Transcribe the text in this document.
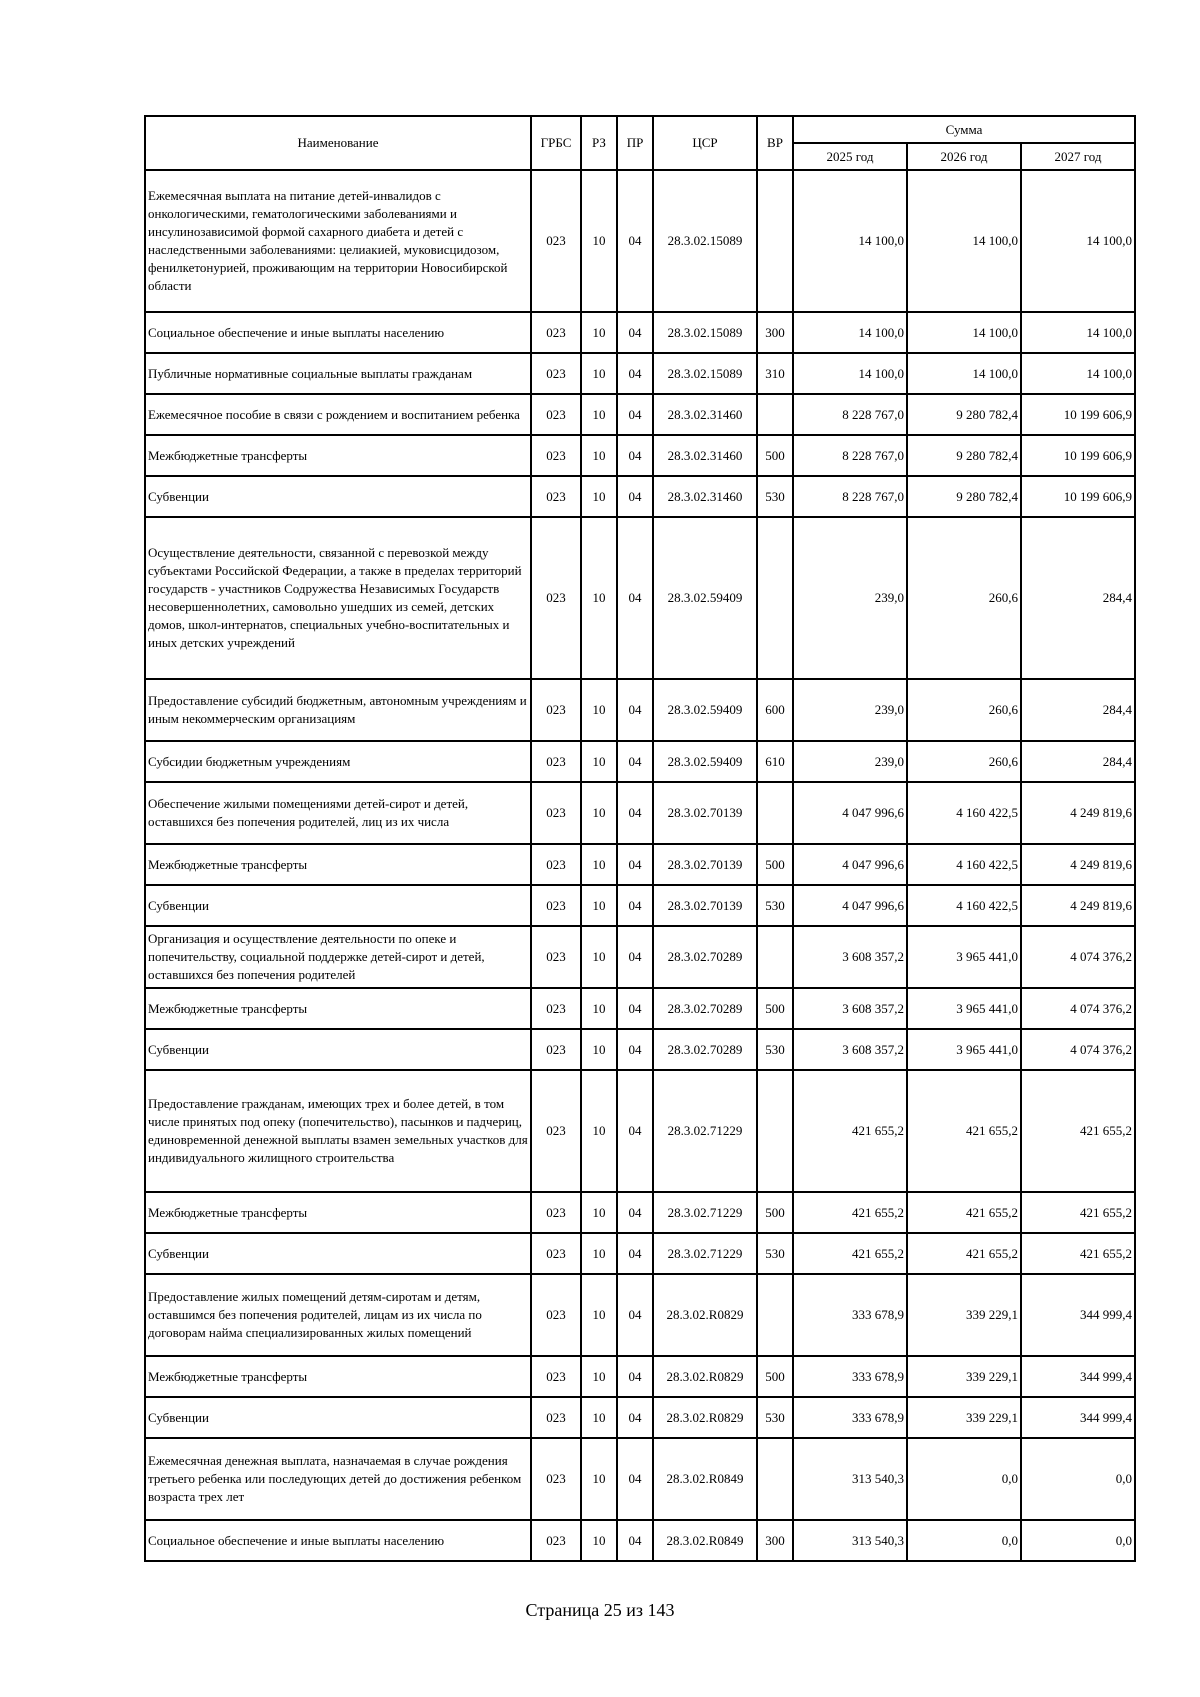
Наименование	ГРБС	РЗ	ПР	ЦСР	ВР	Сумма		
						2025 год	2026 год	2027 год
Ежемесячная выплата на питание детей-инвалидов с онкологическими, гематологическими заболеваниями и инсулинозависимой формой сахарного диабета и детей с наследственными заболеваниями: целиакией, муковисцидозом, фенилкетонурией, проживающим на территории Новосибирской области	023	10	04	28.3.02.15089		14 100,0	14 100,0	14 100,0
Социальное обеспечение и иные выплаты населению	023	10	04	28.3.02.15089	300	14 100,0	14 100,0	14 100,0
Публичные нормативные социальные выплаты гражданам	023	10	04	28.3.02.15089	310	14 100,0	14 100,0	14 100,0
Ежемесячное пособие в связи с рождением и воспитанием ребенка	023	10	04	28.3.02.31460		8 228 767,0	9 280 782,4	10 199 606,9
Межбюджетные трансферты	023	10	04	28.3.02.31460	500	8 228 767,0	9 280 782,4	10 199 606,9
Субвенции	023	10	04	28.3.02.31460	530	8 228 767,0	9 280 782,4	10 199 606,9
Осуществление деятельности, связанной с перевозкой между субъектами Российской Федерации, а также в пределах территорий государств - участников Содружества Независимых Государств несовершеннолетних, самовольно ушедших из семей, детских домов, школ-интернатов, специальных учебно-воспитательных и иных детских учреждений	023	10	04	28.3.02.59409		239,0	260,6	284,4
Предоставление субсидий бюджетным, автономным учреждениям и иным некоммерческим организациям	023	10	04	28.3.02.59409	600	239,0	260,6	284,4
Субсидии бюджетным учреждениям	023	10	04	28.3.02.59409	610	239,0	260,6	284,4
Обеспечение жилыми помещениями детей-сирот и детей, оставшихся без попечения родителей, лиц из их числа	023	10	04	28.3.02.70139		4 047 996,6	4 160 422,5	4 249 819,6
Межбюджетные трансферты	023	10	04	28.3.02.70139	500	4 047 996,6	4 160 422,5	4 249 819,6
Субвенции	023	10	04	28.3.02.70139	530	4 047 996,6	4 160 422,5	4 249 819,6
Организация и осуществление деятельности по опеке и попечительству, социальной поддержке детей-сирот и детей, оставшихся без попечения родителей	023	10	04	28.3.02.70289		3 608 357,2	3 965 441,0	4 074 376,2
Межбюджетные трансферты	023	10	04	28.3.02.70289	500	3 608 357,2	3 965 441,0	4 074 376,2
Субвенции	023	10	04	28.3.02.70289	530	3 608 357,2	3 965 441,0	4 074 376,2
Предоставление гражданам, имеющих трех и более детей, в том числе принятых под опеку (попечительство), пасынков и падчериц, единовременной денежной выплаты взамен земельных участков для индивидуального жилищного строительства	023	10	04	28.3.02.71229		421 655,2	421 655,2	421 655,2
Межбюджетные трансферты	023	10	04	28.3.02.71229	500	421 655,2	421 655,2	421 655,2
Субвенции	023	10	04	28.3.02.71229	530	421 655,2	421 655,2	421 655,2
Предоставление жилых помещений детям-сиротам и детям, оставшимся без попечения родителей, лицам из их числа по договорам найма специализированных жилых помещений	023	10	04	28.3.02.R0829		333 678,9	339 229,1	344 999,4
Межбюджетные трансферты	023	10	04	28.3.02.R0829	500	333 678,9	339 229,1	344 999,4
Субвенции	023	10	04	28.3.02.R0829	530	333 678,9	339 229,1	344 999,4
Ежемесячная денежная выплата, назначаемая в случае рождения третьего ребенка или последующих детей до достижения ребенком возраста трех лет	023	10	04	28.3.02.R0849		313 540,3	0,0	0,0
Социальное обеспечение и иные выплаты населению	023	10	04	28.3.02.R0849	300	313 540,3	0,0	0,0
Страница 25 из 143
